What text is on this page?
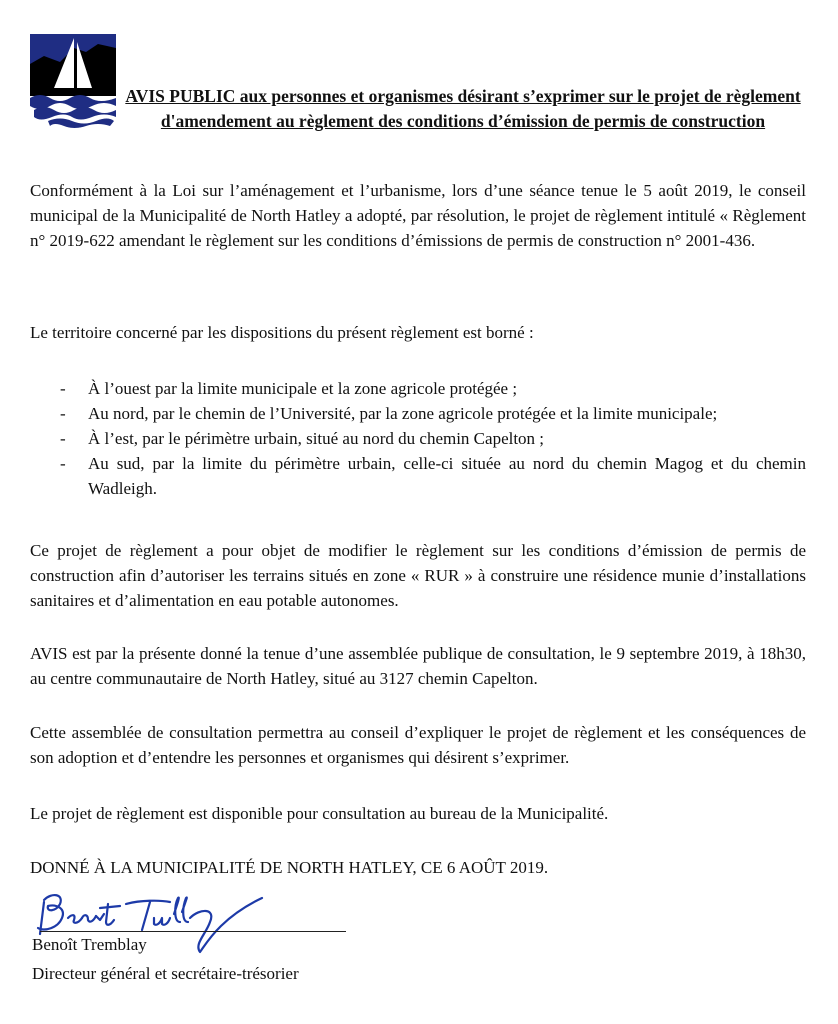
AVIS PUBLIC aux personnes et organismes désirant s’exprimer sur le projet de règlement d'amendement au règlement des conditions d’émission de permis de construction

Conformément à la Loi sur l’aménagement et l’urbanisme, lors d’une séance tenue le 5 août 2019, le conseil municipal de la Municipalité de North Hatley a adopté, par résolution, le projet de règlement intitulé « Règlement n° 2019-622 amendant le règlement sur les conditions d’émissions de permis de construction n° 2001-436.

Le territoire concerné par les dispositions du présent règlement est borné :

- À l’ouest par la limite municipale et la zone agricole protégée ;
- Au nord, par le chemin de l’Université, par la zone agricole protégée et la limite municipale;
- À l’est, par le périmètre urbain, situé au nord du chemin Capelton ;
- Au sud, par la limite du périmètre urbain, celle-ci située au nord du chemin Magog et du chemin Wadleigh.

Ce projet de règlement a pour objet de modifier le règlement sur les conditions d’émission de permis de construction afin d’autoriser les terrains situés en zone « RUR » à construire une résidence munie d’installations sanitaires et d’alimentation en eau potable autonomes.

AVIS est par la présente donné la tenue d’une assemblée publique de consultation, le 9 septembre 2019, à 18h30, au centre communautaire de North Hatley, situé au 3127 chemin Capelton.

Cette assemblée de consultation permettra au conseil d’expliquer le projet de règlement et les conséquences de son adoption et d’entendre les personnes et organismes qui désirent s’exprimer.

Le projet de règlement est disponible pour consultation au bureau de la Municipalité.

DONNÉ À LA MUNICIPALITÉ DE NORTH HATLEY, CE 6 AOÛT 2019.

Benoît Tremblay
Directeur général et secrétaire-trésorier
